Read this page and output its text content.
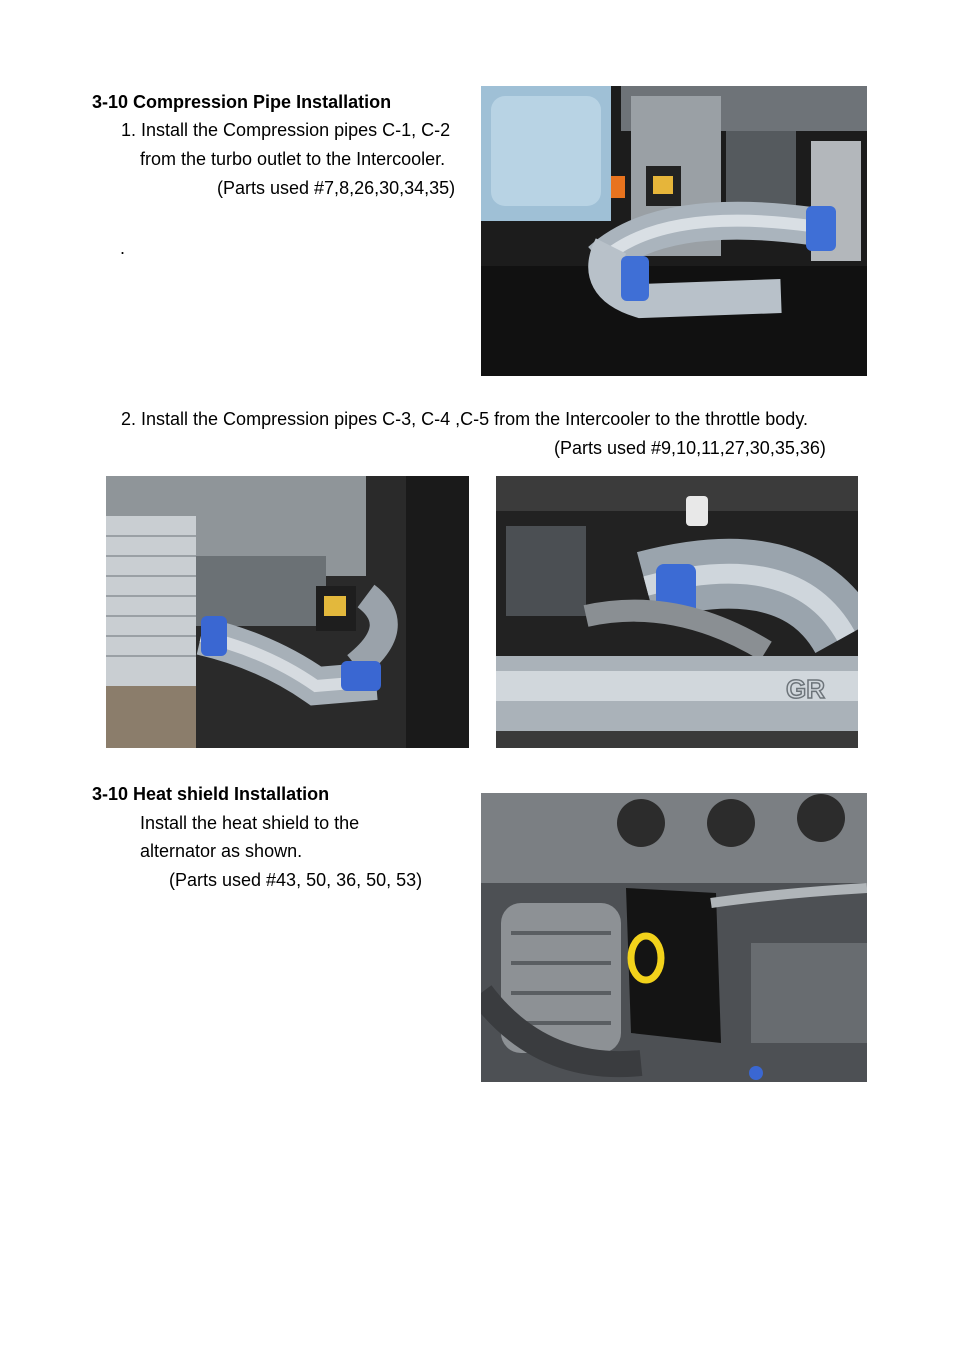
3-10 Compression Pipe Installation
1. Install the Compression pipes C-1, C-2
from the turbo outlet to the Intercooler.
(Parts used #7,8,26,30,34,35)
.
2. Install the Compression pipes C-3, C-4 ,C-5 from the Intercooler to the throttle body.
(Parts used #9,10,11,27,30,35,36)
GR
3-10 Heat shield Installation
Install the heat shield to the
alternator as shown.
(Parts used #43, 50, 36, 50, 53)
